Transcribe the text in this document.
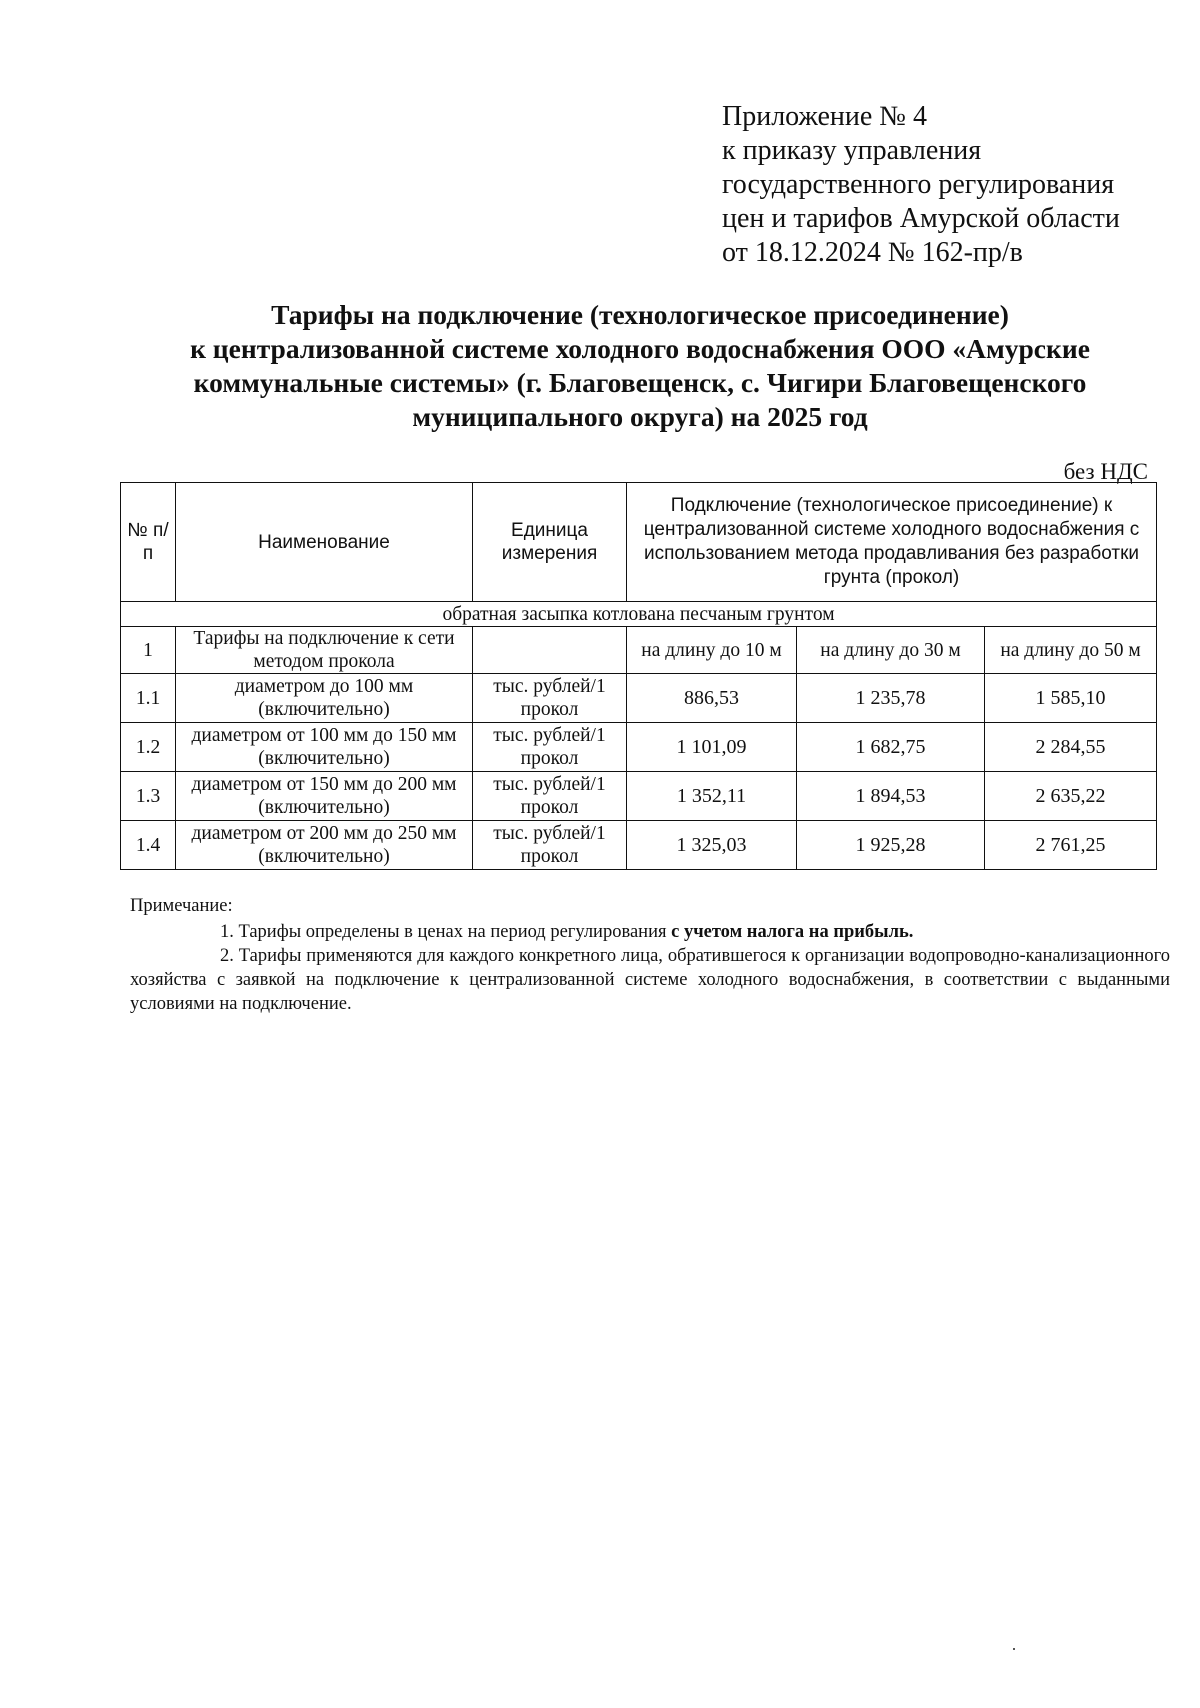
Приложение № 4
к приказу управления
государственного регулирования
цен и тарифов Амурской области
от 18.12.2024 № 162-пр/в
Тарифы на подключение (технологическое присоединение)
к централизованной системе холодного водоснабжения ООО «Амурские
коммунальные системы» (г. Благовещенск, с. Чигири Благовещенского
муниципального округа) на 2025 год
без НДС
№ п/п	Наименование	Единица измерения	Подключение (технологическое присоединение) к централизованной системе холодного водоснабжения с использованием метода продавливания без разработки грунта (прокол)		
обратная засыпка котлована песчаным грунтом					
1	Тарифы на подключение к сети методом прокола		на длину до 10 м	на длину до 30 м	на длину до 50 м
1.1	диаметром до 100 мм (включительно)	тыс. рублей/1 прокол	886,53	1 235,78	1 585,10
1.2	диаметром от 100 мм до 150 мм (включительно)	тыс. рублей/1 прокол	1 101,09	1 682,75	2 284,55
1.3	диаметром от 150 мм до 200 мм (включительно)	тыс. рублей/1 прокол	1 352,11	1 894,53	2 635,22
1.4	диаметром от 200 мм до 250 мм (включительно)	тыс. рублей/1 прокол	1 325,03	1 925,28	2 761,25
Примечание:
1. Тарифы определены в ценах на период регулирования с учетом налога на прибыль.
2. Тарифы применяются для каждого конкретного лица, обратившегося к организации водопроводно-канализационного хозяйства с заявкой на подключение к централизованной системе холодного водоснабжения, в соответствии с выданными условиями на подключение.
